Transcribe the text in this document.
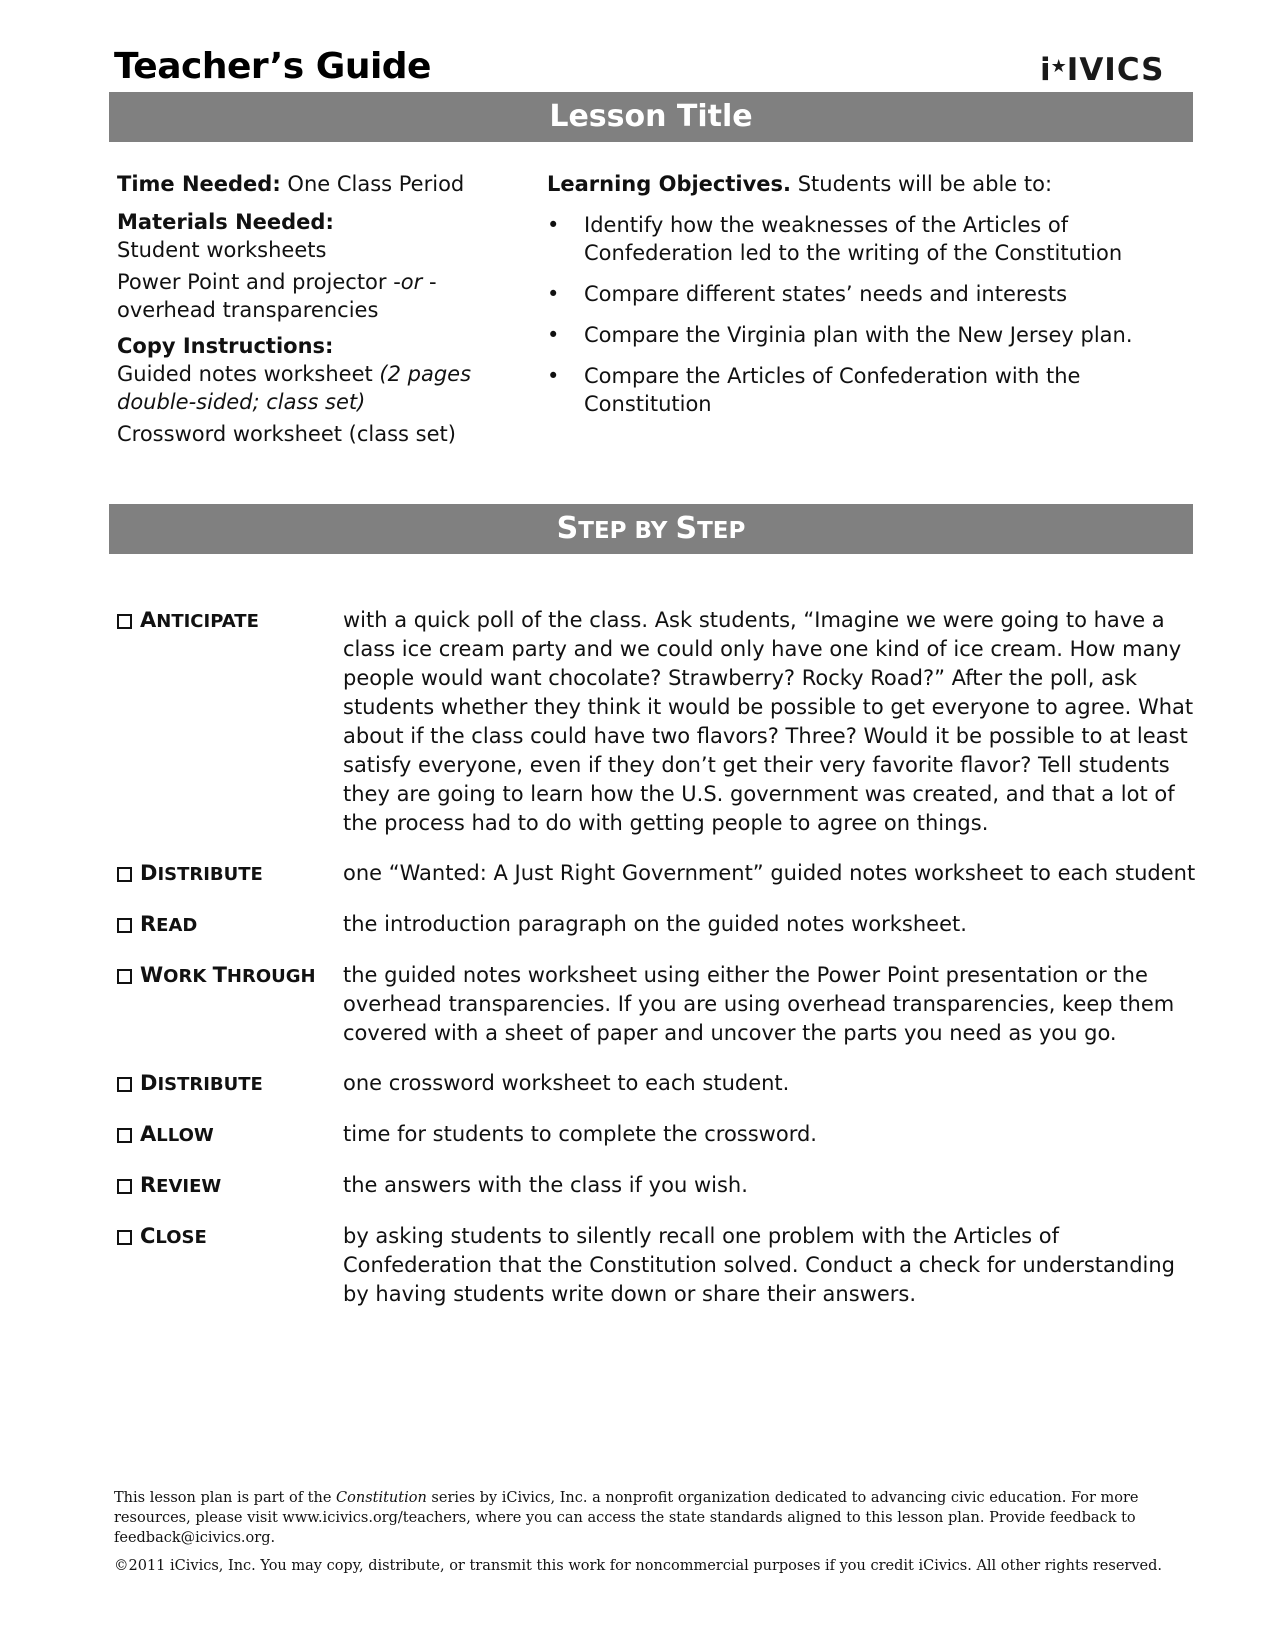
Teacher’s Guide	i★IVICS
Lesson Title
Time Needed: One Class Period
Materials Needed:
Student worksheets
Power Point and projector -or - overhead transparencies
Copy Instructions:
Guided notes worksheet (2 pages double-sided; class set)
Crossword worksheet (class set)
Learning Objectives. Students will be able to:
• Identify how the weaknesses of the Articles of Confederation led to the writing of the Constitution
• Compare different states’ needs and interests
• Compare the Virginia plan with the New Jersey plan.
• Compare the Articles of Confederation with the Constitution
STEP BY STEP
ANTICIPATE	with a quick poll of the class. Ask students, “Imagine we were going to have a class ice cream party and we could only have one kind of ice cream. How many people would want chocolate? Strawberry? Rocky Road?” After the poll, ask students whether they think it would be possible to get everyone to agree. What about if the class could have two flavors? Three? Would it be possible to at least satisfy everyone, even if they don’t get their very favorite flavor? Tell students they are going to learn how the U.S. government was created, and that a lot of the process had to do with getting people to agree on things.
DISTRIBUTE	one “Wanted: A Just Right Government” guided notes worksheet to each student
READ	the introduction paragraph on the guided notes worksheet.
WORK THROUGH	the guided notes worksheet using either the Power Point presentation or the overhead transparencies. If you are using overhead transparencies, keep them covered with a sheet of paper and uncover the parts you need as you go.
DISTRIBUTE	one crossword worksheet to each student.
ALLOW	time for students to complete the crossword.
REVIEW	the answers with the class if you wish.
CLOSE	by asking students to silently recall one problem with the Articles of Confederation that the Constitution solved. Conduct a check for understanding by having students write down or share their answers.
This lesson plan is part of the Constitution series by iCivics, Inc. a nonprofit organization dedicated to advancing civic education. For more resources, please visit www.icivics.org/teachers, where you can access the state standards aligned to this lesson plan. Provide feedback to feedback@icivics.org.
©2011 iCivics, Inc. You may copy, distribute, or transmit this work for noncommercial purposes if you credit iCivics. All other rights reserved.
